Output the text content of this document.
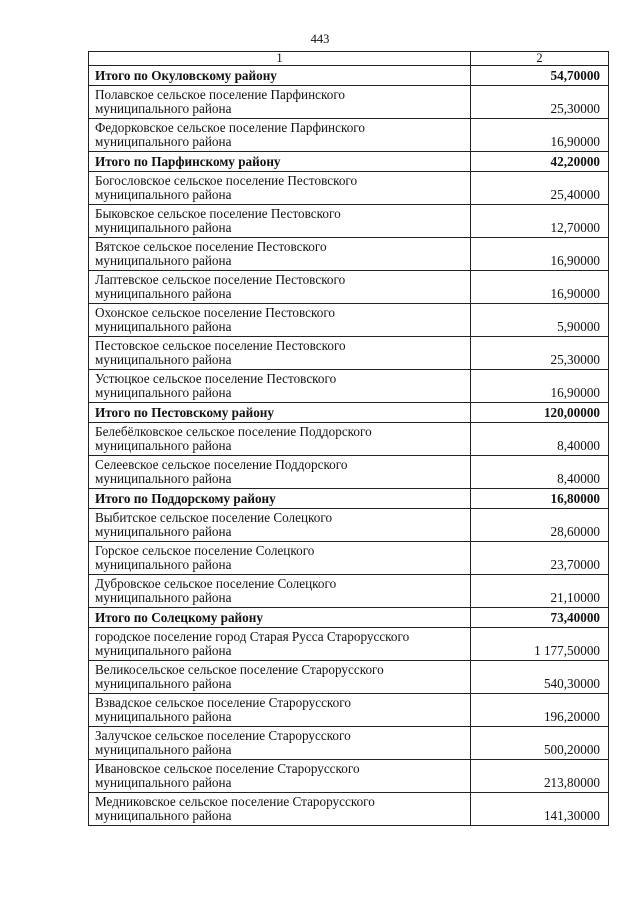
443
1	2
Итого по Окуловскому району	54,70000

Полавское сельское поселение Парфинского
муниципального района	25,30000

Федорковское сельское поселение Парфинского
муниципального района	16,90000
Итого по Парфинскому району	42,20000

Богословское сельское поселение Пестовского
муниципального района	25,40000

Быковское сельское поселение Пестовского
муниципального района	12,70000

Вятское сельское поселение Пестовского
муниципального района	16,90000

Лаптевское сельское поселение Пестовского
муниципального района	16,90000

Охонское сельское поселение Пестовского
муниципального района	5,90000

Пестовское сельское поселение Пестовского
муниципального района	25,30000

Устюцкое сельское поселение Пестовского
муниципального района	16,90000
Итого по Пестовскому району	120,00000

Белебёлковское сельское поселение Поддорского
муниципального района	8,40000

Селеевское сельское поселение Поддорского
муниципального района	8,40000
Итого по Поддорскому району	16,80000

Выбитское сельское поселение Солецкого
муниципального района	28,60000

Горское сельское поселение Солецкого
муниципального района	23,70000

Дубровское сельское поселение Солецкого
муниципального района	21,10000
Итого по Солецкому району	73,40000

городское поселение город Старая Русса Старорусского
муниципального района	1 177,50000

Великосельское сельское поселение Старорусского
муниципального района	540,30000

Взвадское сельское поселение Старорусского
муниципального района	196,20000

Залучское сельское поселение Старорусского
муниципального района	500,20000

Ивановское сельское поселение Старорусского
муниципального района	213,80000

Медниковское сельское поселение Старорусского
муниципального района	141,30000
